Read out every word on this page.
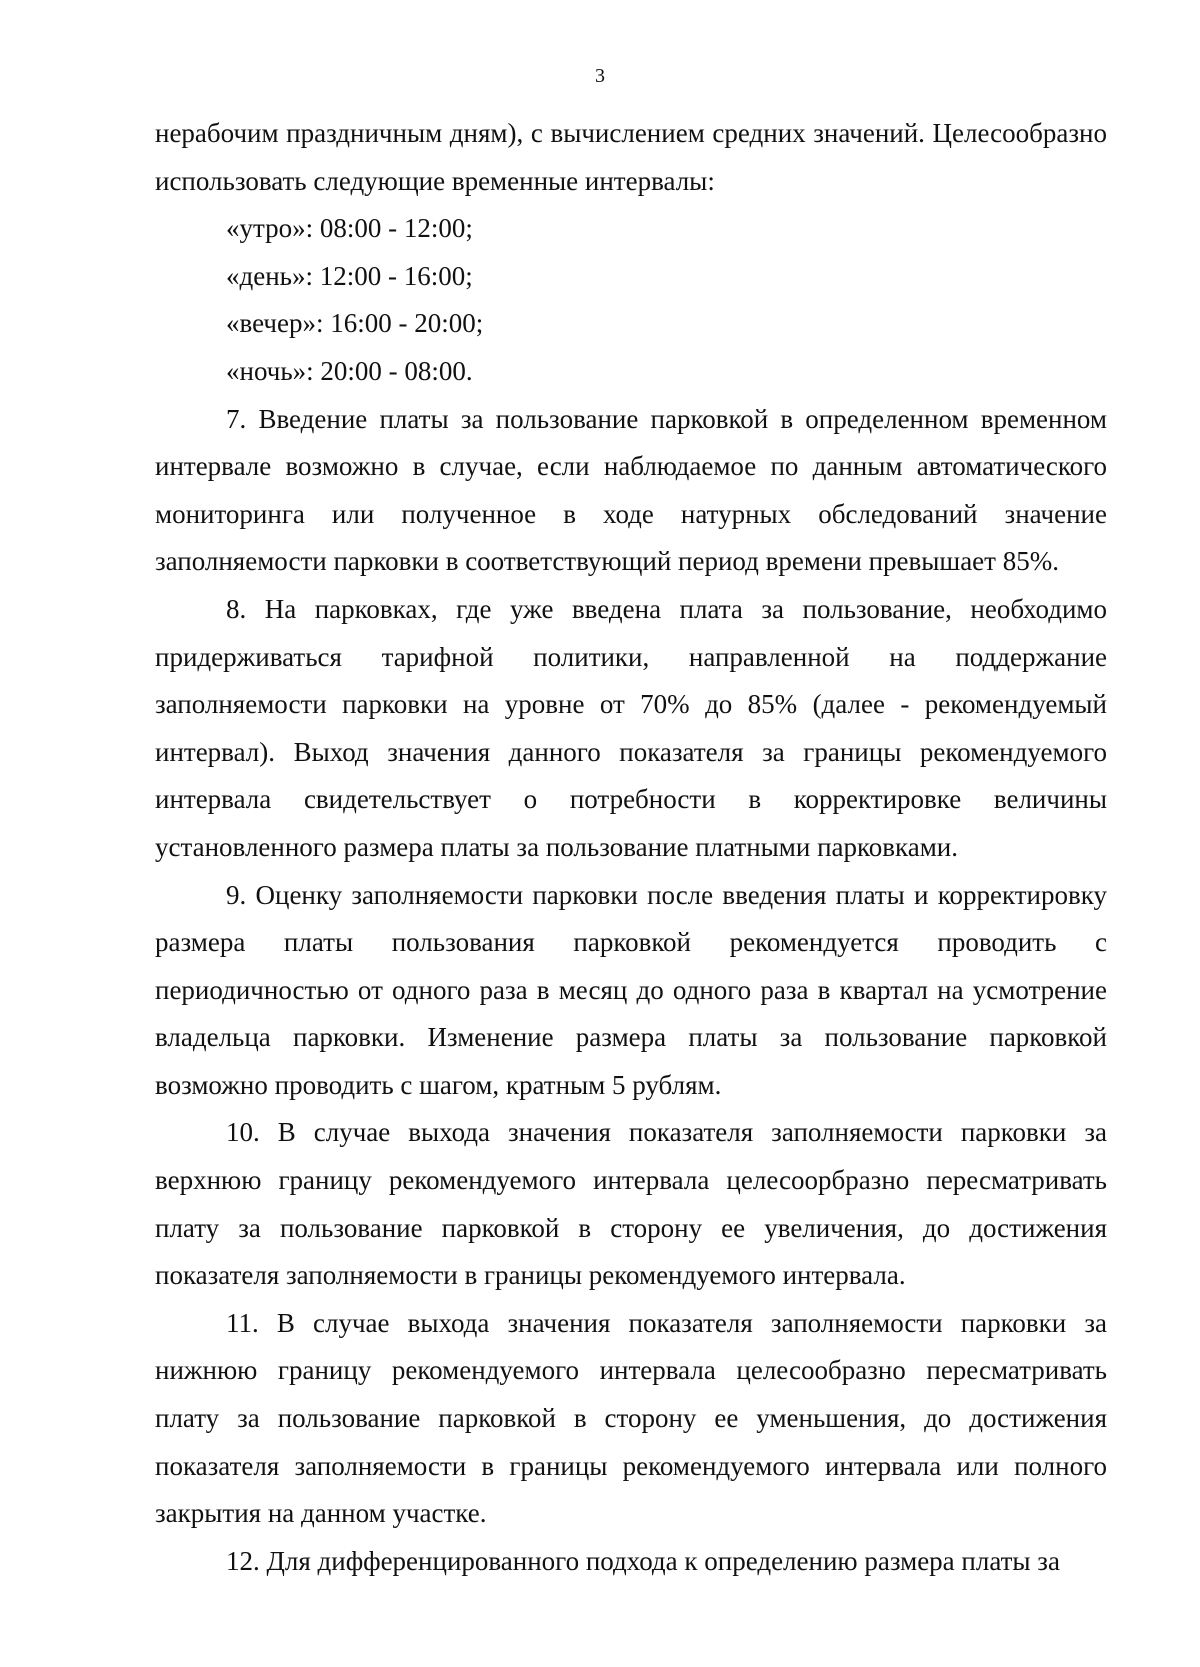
3

нерабочим праздничным дням), с вычислением средних значений. Целесообразно использовать следующие временные интервалы:

«утро»: 08:00 - 12:00;

«день»: 12:00 - 16:00;

«вечер»: 16:00 - 20:00;

«ночь»: 20:00 - 08:00.

7. Введение платы за пользование парковкой в определенном временном интервале возможно в случае, если наблюдаемое по данным автоматического мониторинга или полученное в ходе натурных обследований значение заполняемости парковки в соответствующий период времени превышает 85%.

8. На парковках, где уже введена плата за пользование, необходимо придерживаться тарифной политики, направленной на поддержание заполняемости парковки на уровне от 70% до 85% (далее - рекомендуемый интервал). Выход значения данного показателя за границы рекомендуемого интервала свидетельствует о потребности в корректировке величины установленного размера платы за пользование платными парковками.

9. Оценку заполняемости парковки после введения платы и корректировку размера платы пользования парковкой рекомендуется проводить с периодичностью от одного раза в месяц до одного раза в квартал на усмотрение владельца парковки. Изменение размера платы за пользование парковкой возможно проводить с шагом, кратным 5 рублям.

10. В случае выхода значения показателя заполняемости парковки за верхнюю границу рекомендуемого интервала целесоорбразно пересматривать плату за пользование парковкой в сторону ее увеличения, до достижения показателя заполняемости в границы рекомендуемого интервала.

11. В случае выхода значения показателя заполняемости парковки за нижнюю границу рекомендуемого интервала целесообразно пересматривать плату за пользование парковкой в сторону ее уменьшения, до достижения показателя заполняемости в границы рекомендуемого интервала или полного закрытия на данном участке.

12. Для дифференцированного подхода к определению размера платы за
